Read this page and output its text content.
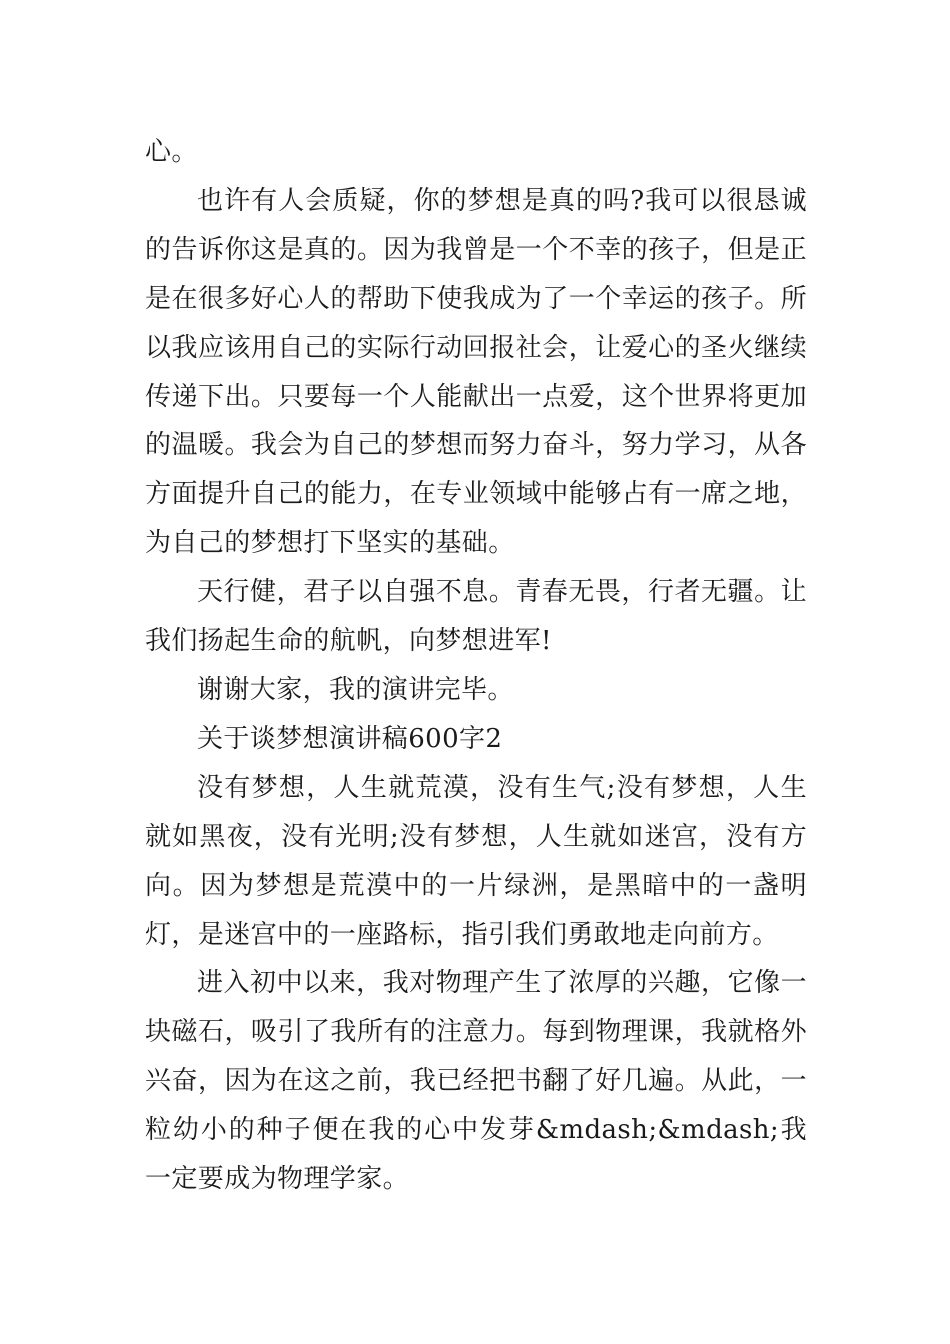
心。

也许有人会质疑，你的梦想是真的吗?我可以很恳诚的告诉你这是真的。因为我曾是一个不幸的孩子，但是正是在很多好心人的帮助下使我成为了一个幸运的孩子。所以我应该用自己的实际行动回报社会，让爱心的圣火继续传递下出。只要每一个人能献出一点爱，这个世界将更加的温暖。我会为自己的梦想而努力奋斗，努力学习，从各方面提升自己的能力，在专业领域中能够占有一席之地，为自己的梦想打下坚实的基础。

天行健，君子以自强不息。青春无畏，行者无疆。让我们扬起生命的航帆，向梦想进军!

谢谢大家，我的演讲完毕。

关于谈梦想演讲稿600字2

没有梦想，人生就荒漠，没有生气;没有梦想，人生就如黑夜，没有光明;没有梦想，人生就如迷宫，没有方向。因为梦想是荒漠中的一片绿洲，是黑暗中的一盏明灯，是迷宫中的一座路标，指引我们勇敢地走向前方。

进入初中以来，我对物理产生了浓厚的兴趣，它像一块磁石，吸引了我所有的注意力。每到物理课，我就格外兴奋，因为在这之前，我已经把书翻了好几遍。从此，一粒幼小的种子便在我的心中发芽&mdash;&mdash;我一定要成为物理学家。
